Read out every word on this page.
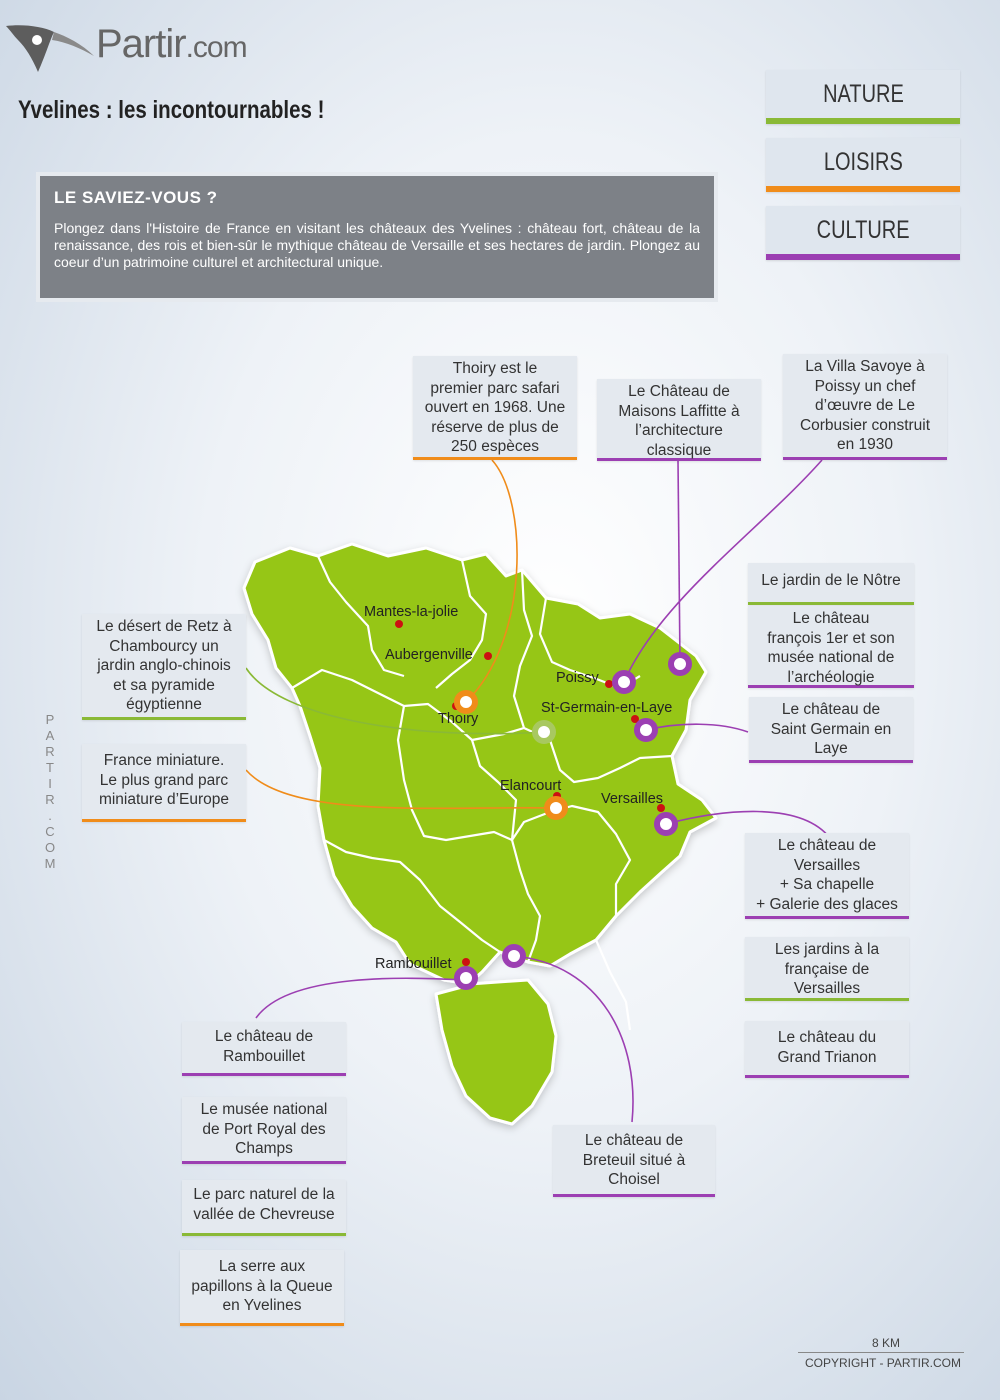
Partir.com
Yvelines : les incontournables !
NATURE
LOISIRS
CULTURE
LE SAVIEZ-VOUS ?
Plongez dans l'Histoire de France en visitant les châteaux des Yvelines : château fort, château de la renaissance, des rois et bien-sûr le mythique château de Versaille et ses hectares de jardin. Plongez au coeur d’un patrimoine culturel et architectural unique.
Mantes-la-jolie
Aubergenville
Poissy
St-Germain-en-Laye
Thoiry
Elancourt
Versailles
Rambouillet
Thoiry est le
premier parc safari
ouvert en 1968. Une
réserve de plus de
250 espèces
Le Château de
Maisons Laffitte à
l’architecture
classique
La Villa Savoye à
Poissy un chef
d’œuvre de Le
Corbusier construit
en 1930
Le jardin de le Nôtre
Le château
françois 1er et son
musée national de
l’archéologie
Le désert de Retz à
Chambourcy un
jardin anglo-chinois
et sa pyramide
égyptienne	Le château de
Saint Germain en
Laye
France miniature.
Le plus grand parc
miniature d’Europe
Le château de
Versailles
+ Sa chapelle
+ Galerie des glaces
Les jardins à la
française de
Versailles
Le château de
Rambouillet
Le château du
Grand Trianon
Le musée national
de Port Royal des
Champs	Le château de
Breteuil situé à
Choisel
Le parc naturel de la
vallée de Chevreuse
La serre aux
papillons à la Queue
en Yvelines
P
A
R
T
I
R
.
C
O
M
8 KM
COPYRIGHT - PARTIR.COM
